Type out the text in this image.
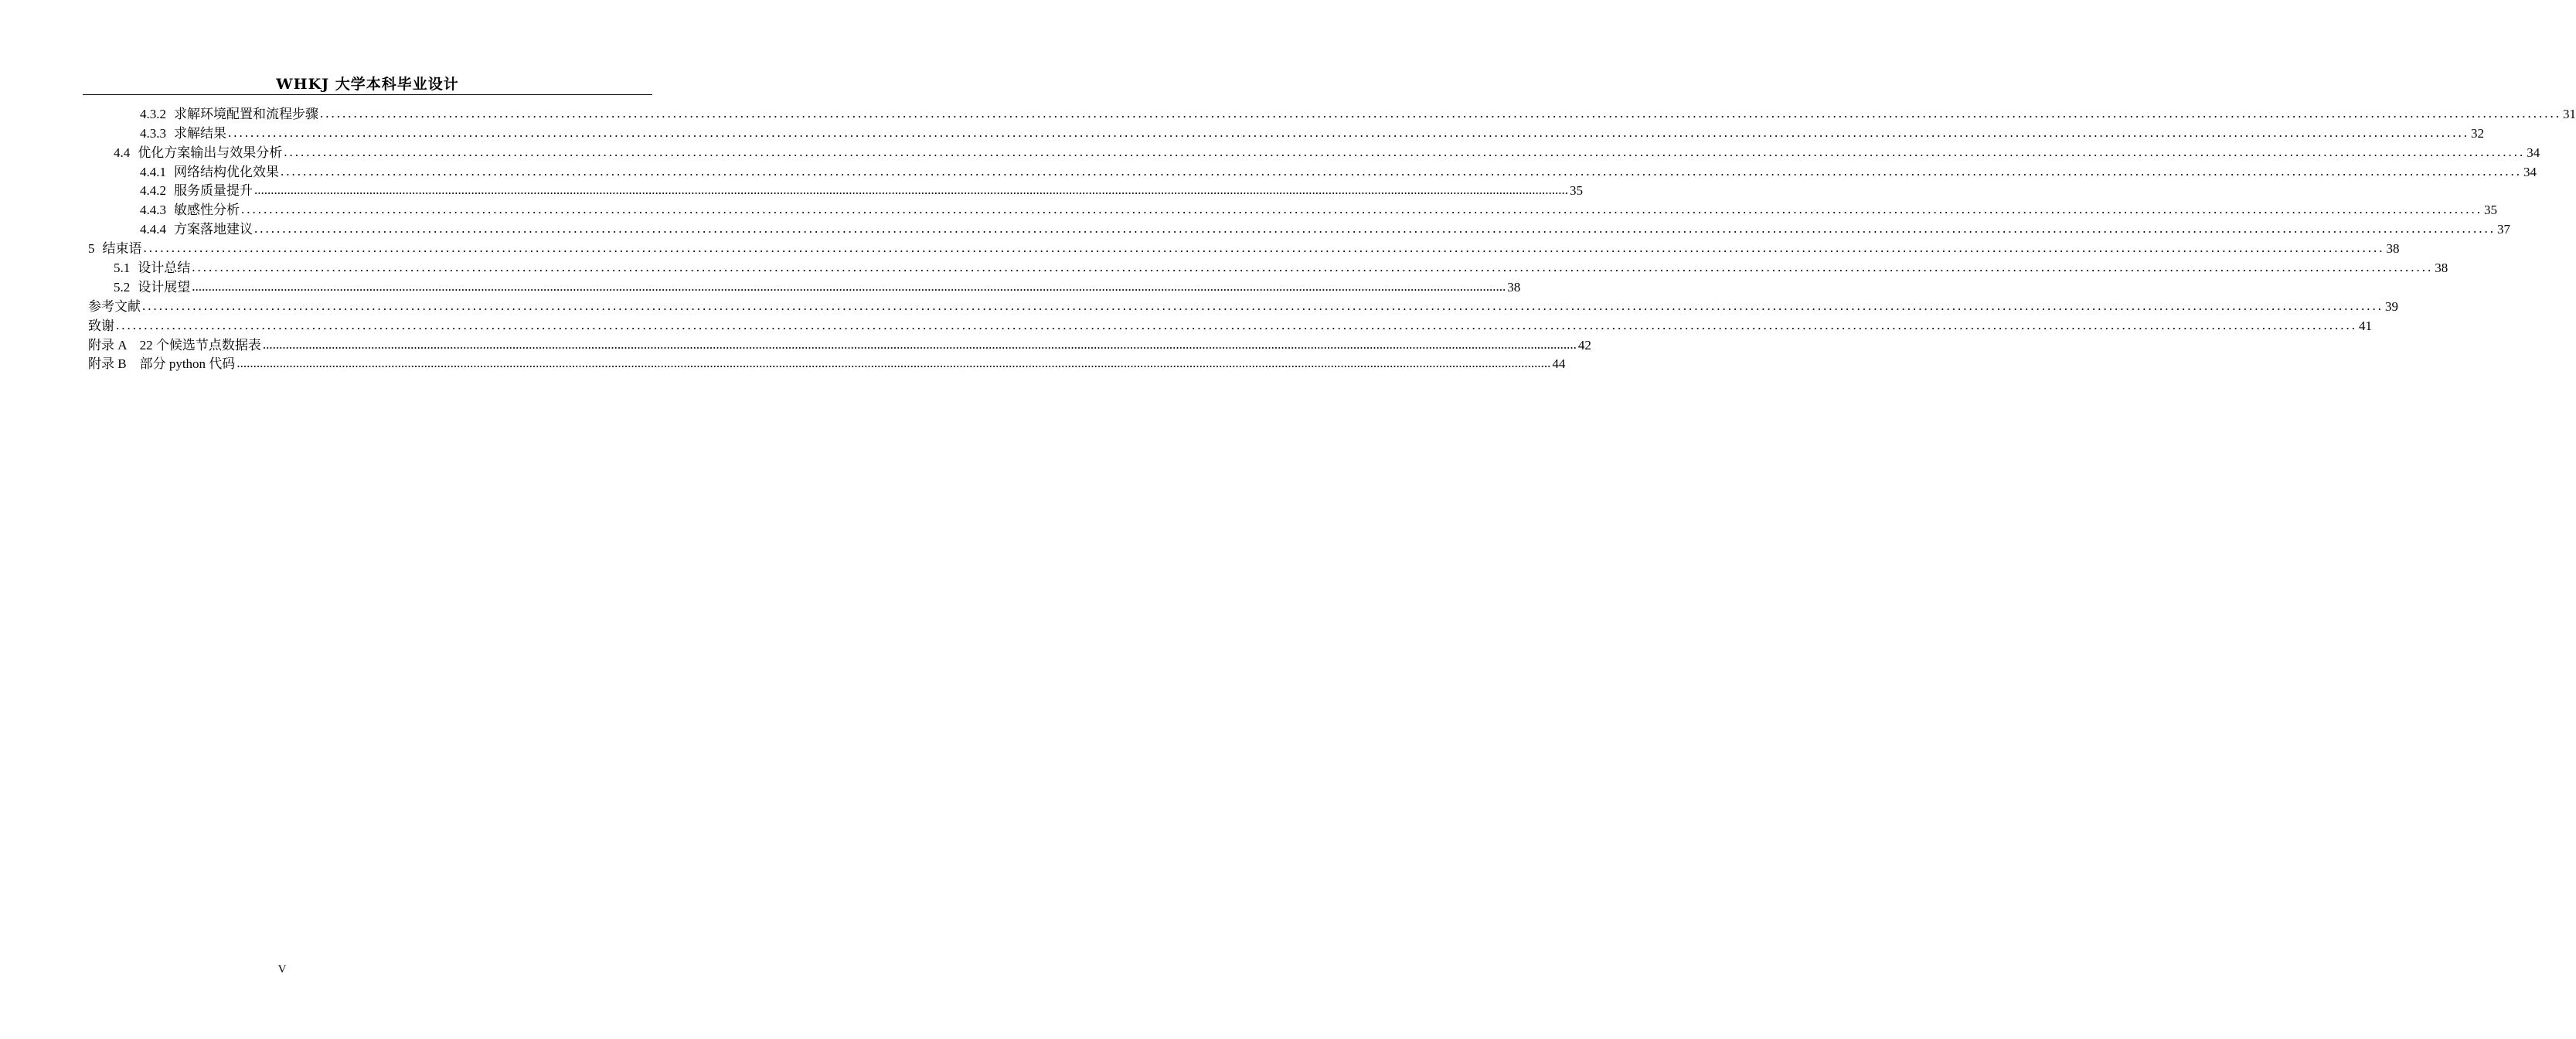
WHKJ 大学本科毕业设计
4.3.2 求解环境配置和流程步骤 ................................................................................................................................................................................................................................................................................................................................................................................................................ 31
4.3.3 求解结果 ................................................................................................................................................................................................................................................................................................................................................................................................................ 32
4.4 优化方案输出与效果分析 ................................................................................................................................................................................................................................................................................................................................................................................................................ 34
4.4.1 网络结构优化效果 ................................................................................................................................................................................................................................................................................................................................................................................................................ 34
4.4.2 服务质量提升 ................................................................................................................................................................................................................................................................................................................................................................................................................ 35
4.4.3 敏感性分析 ................................................................................................................................................................................................................................................................................................................................................................................................................ 35
4.4.4 方案落地建议 ................................................................................................................................................................................................................................................................................................................................................................................................................ 37
5 结束语 ................................................................................................................................................................................................................................................................................................................................................................................................................ 38
5.1 设计总结 ................................................................................................................................................................................................................................................................................................................................................................................................................ 38
5.2 设计展望 ................................................................................................................................................................................................................................................................................................................................................................................................................ 38
参考文献 ................................................................................................................................................................................................................................................................................................................................................................................................................ 39
致谢 ................................................................................................................................................................................................................................................................................................................................................................................................................ 41
附录 A　22 个候选节点数据表 ................................................................................................................................................................................................................................................................................................................................................................................................................ 42
附录 B　部分 python 代码 ................................................................................................................................................................................................................................................................................................................................................................................................................ 44
V
